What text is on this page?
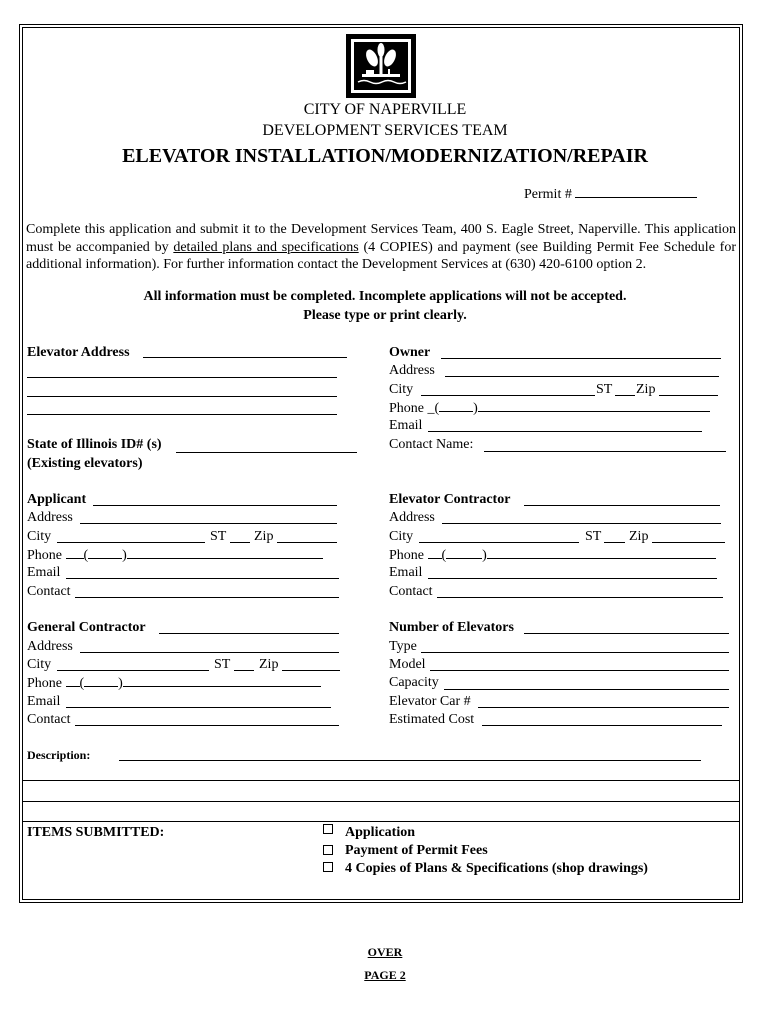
CITY OF NAPERVILLE
DEVELOPMENT SERVICES TEAM
ELEVATOR INSTALLATION/MODERNIZATION/REPAIR
Permit #
Complete this application and submit it to the Development Services Team, 400 S. Eagle Street, Naperville. This application must be accompanied by detailed plans and specifications (4 COPIES) and payment (see Building Permit Fee Schedule for additional information). For further information contact the Development Services at (630) 420-6100 option 2.
All information must be completed. Incomplete applications will not be accepted.
Please type or print clearly.
Elevator Address
State of Illinois ID# (s)
(Existing elevators)
Owner
Address
City	ST Zip
Phone _( )
Email
Contact Name:
Applicant
Address
City	ST Zip
Phone ( )
Email
Contact
Elevator Contractor
Address
City	ST Zip
Phone (	)
Email
Contact
General Contractor
Address
City	ST Zip
Phone ( )
Email
Contact
Number of Elevators
Type
Model
Capacity
Elevator Car #
Estimated Cost
Description:
ITEMS SUBMITTED:	Application
Payment of Permit Fees
4 Copies of Plans & Specifications (shop drawings)
OVER
PAGE 2
